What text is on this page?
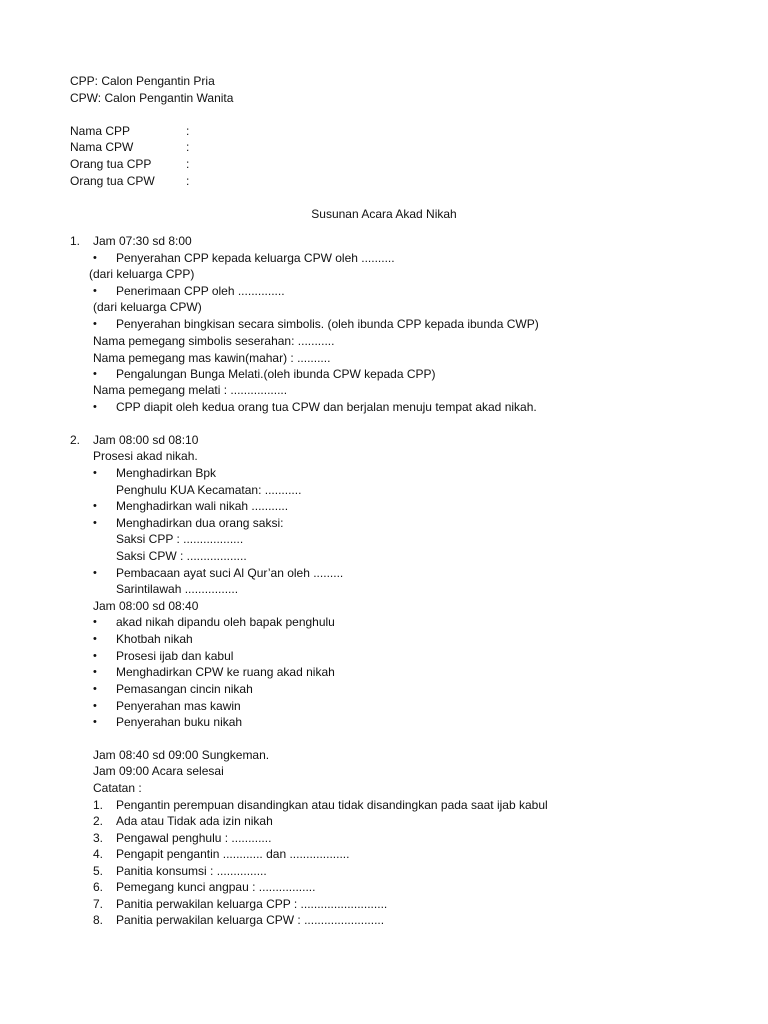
CPP: Calon Pengantin Pria
CPW: Calon Pengantin Wanita
Nama CPP	:
Nama CPW	:
Orang tua CPP	:
Orang tua CPW	:
Susunan Acara Akad Nikah
1. Jam 07:30 sd 8:00
• Penyerahan CPP kepada keluarga CPW oleh ..........
(dari keluarga CPP)
• Penerimaan CPP oleh ..............
(dari keluarga CPW)
• Penyerahan bingkisan secara simbolis. (oleh ibunda CPP kepada ibunda CWP)
Nama pemegang simbolis seserahan: ...........
Nama pemegang mas kawin(mahar) : ..........
• Pengalungan Bunga Melati.(oleh ibunda CPW kepada CPP)
Nama pemegang melati : .................
• CPP diapit oleh kedua orang tua CPW dan berjalan menuju tempat akad nikah.
2. Jam 08:00 sd 08:10
Prosesi akad nikah.
• Menghadirkan Bpk
Penghulu KUA Kecamatan: ...........
• Menghadirkan wali nikah ...........
• Menghadirkan dua orang saksi:
Saksi CPP : ..................
Saksi CPW : ..................
• Pembacaan ayat suci Al Qur’an oleh .........
Sarintilawah ................
Jam 08:00 sd 08:40
• akad nikah dipandu oleh bapak penghulu
• Khotbah nikah
• Prosesi ijab dan kabul
• Menghadirkan CPW ke ruang akad nikah
• Pemasangan cincin nikah
• Penyerahan mas kawin
• Penyerahan buku nikah
Jam 08:40 sd 09:00 Sungkeman.
Jam 09:00 Acara selesai
Catatan :
1. Pengantin perempuan disandingkan atau tidak disandingkan pada saat ijab kabul
2. Ada atau Tidak ada izin nikah
3. Pengawal penghulu : ............
4. Pengapit pengantin ............ dan ..................
5. Panitia konsumsi : ...............
6. Pemegang kunci angpau : .................
7. Panitia perwakilan keluarga CPP : ..........................
8. Panitia perwakilan keluarga CPW : ........................
